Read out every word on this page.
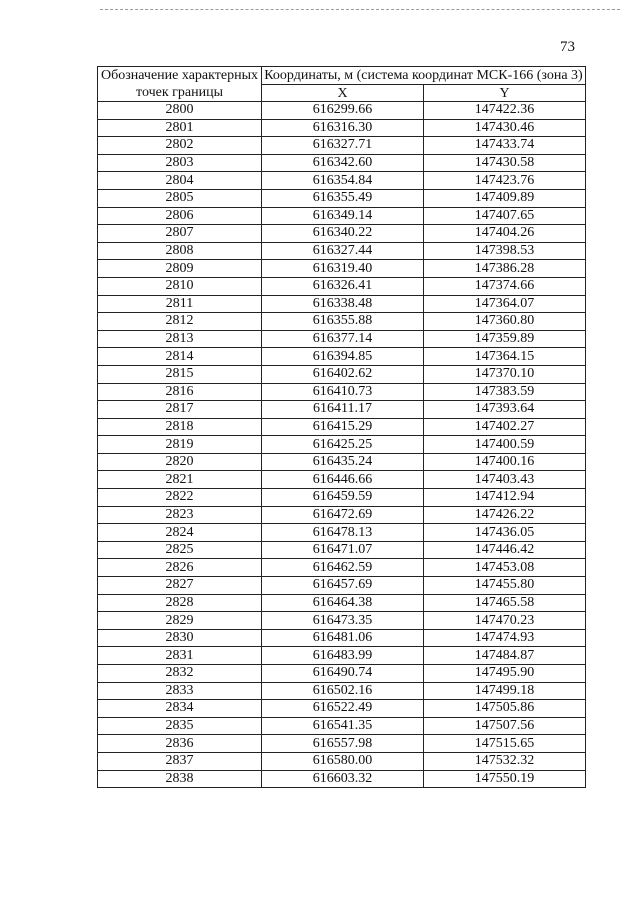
73
Обозначение характерных точек границы	Координаты, м (система координат МСК-166 (зона 3)	
	X	Y
2800	616299.66	147422.36
2801	616316.30	147430.46
2802	616327.71	147433.74
2803	616342.60	147430.58
2804	616354.84	147423.76
2805	616355.49	147409.89
2806	616349.14	147407.65
2807	616340.22	147404.26
2808	616327.44	147398.53
2809	616319.40	147386.28
2810	616326.41	147374.66
2811	616338.48	147364.07
2812	616355.88	147360.80
2813	616377.14	147359.89
2814	616394.85	147364.15
2815	616402.62	147370.10
2816	616410.73	147383.59
2817	616411.17	147393.64
2818	616415.29	147402.27
2819	616425.25	147400.59
2820	616435.24	147400.16
2821	616446.66	147403.43
2822	616459.59	147412.94
2823	616472.69	147426.22
2824	616478.13	147436.05
2825	616471.07	147446.42
2826	616462.59	147453.08
2827	616457.69	147455.80
2828	616464.38	147465.58
2829	616473.35	147470.23
2830	616481.06	147474.93
2831	616483.99	147484.87
2832	616490.74	147495.90
2833	616502.16	147499.18
2834	616522.49	147505.86
2835	616541.35	147507.56
2836	616557.98	147515.65
2837	616580.00	147532.32
2838	616603.32	147550.19
